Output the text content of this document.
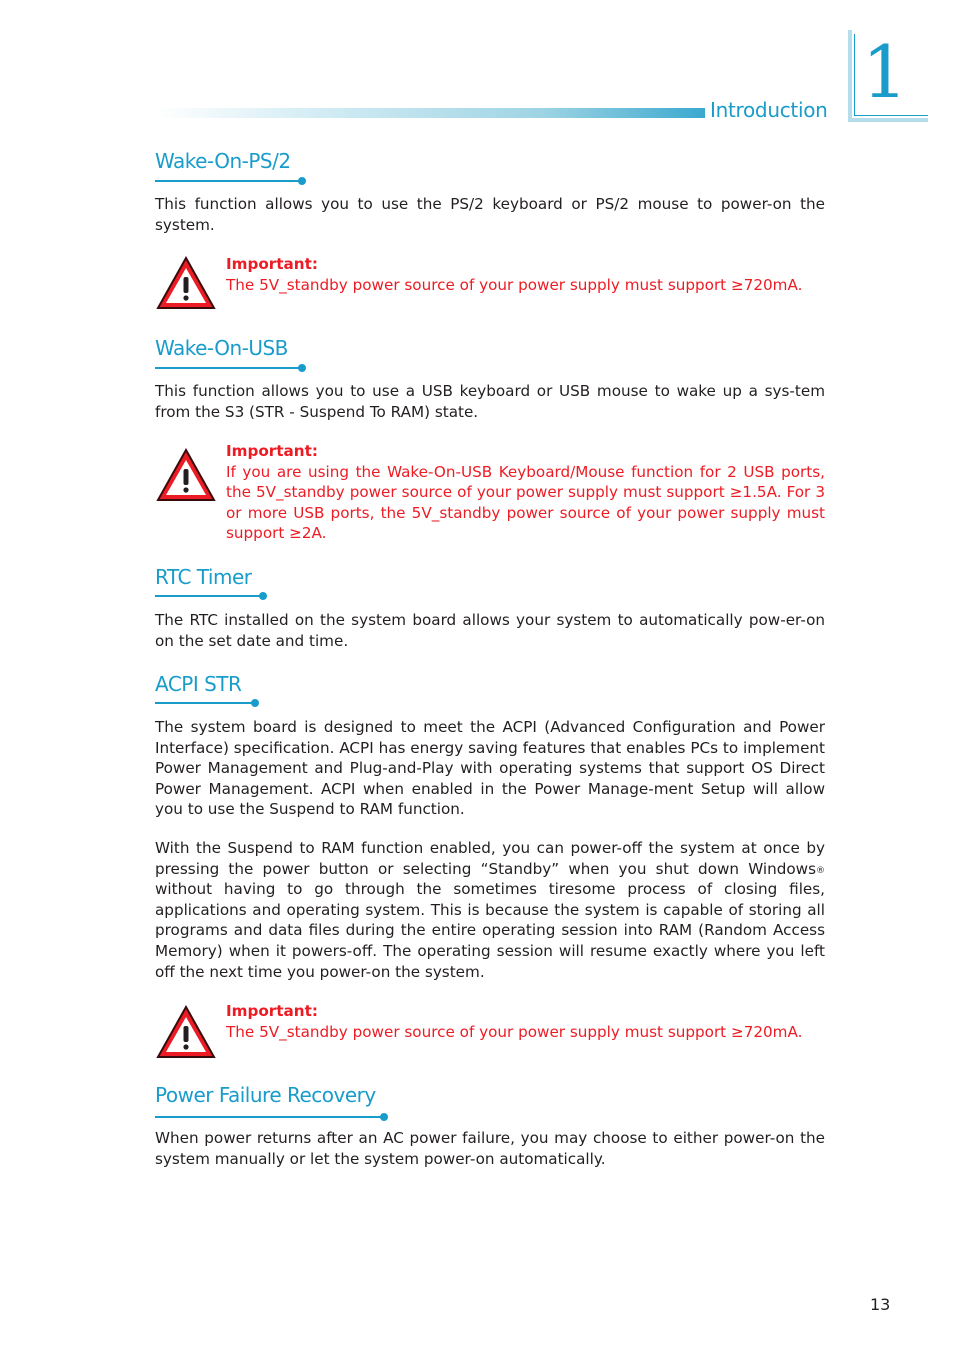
Introduction 1
Wake-On-PS/2

This function allows you to use the PS/2 keyboard or PS/2 mouse to power-on the system.

Important:
The 5V_standby power source of your power supply must support ≥720mA.

Wake-On-USB

This function allows you to use a USB keyboard or USB mouse to wake up a sys-tem from the S3 (STR - Suspend To RAM) state.

Important:
If you are using the Wake-On-USB Keyboard/Mouse function for 2 USB ports, the 5V_standby power source of your power supply must support ≥1.5A. For 3 or more USB ports, the 5V_standby power source of your power supply must support ≥2A.

RTC Timer

The RTC installed on the system board allows your system to automatically pow-er-on on the set date and time.

ACPI STR

The system board is designed to meet the ACPI (Advanced Configuration and Power Interface) specification. ACPI has energy saving features that enables PCs to implement Power Management and Plug-and-Play with operating systems that support OS Direct Power Management. ACPI when enabled in the Power Manage-ment Setup will allow you to use the Suspend to RAM function.

With the Suspend to RAM function enabled, you can power-off the system at once by pressing the power button or selecting “Standby” when you shut down Windows® without having to go through the sometimes tiresome process of closing files, applications and operating system. This is because the system is capable of storing all programs and data files during the entire operating session into RAM (Random Access Memory) when it powers-off. The operating session will resume exactly where you left off the next time you power-on the system.

Important:
The 5V_standby power source of your power supply must support ≥720mA.

Power Failure Recovery

When power returns after an AC power failure, you may choose to either power-on the system manually or let the system power-on automatically.

13
